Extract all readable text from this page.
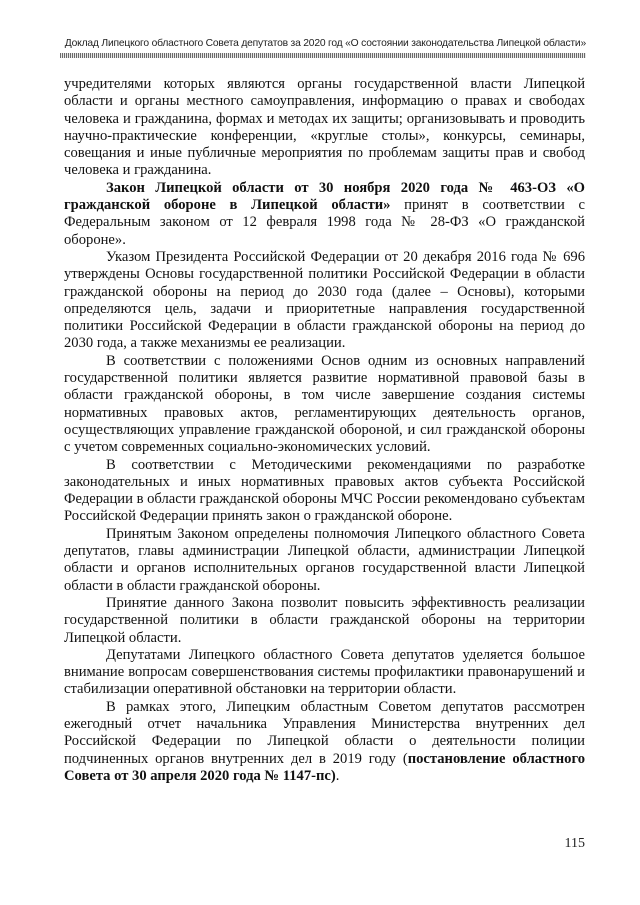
Доклад Липецкого областного Совета депутатов за 2020 год «О состоянии законодательства Липецкой области»

учредителями которых являются органы государственной власти Липецкой области и органы местного самоуправления, информацию о правах и свободах человека и гражданина, формах и методах их защиты; организовывать и проводить научно-практические конференции, «круглые столы», конкурсы, семинары, совещания и иные публичные мероприятия по проблемам защиты прав и свобод человека и гражданина.

Закон Липецкой области от 30 ноября 2020 года № 463-ОЗ «О гражданской обороне в Липецкой области» принят в соответствии с Федеральным законом от 12 февраля 1998 года № 28-ФЗ «О гражданской обороне».

Указом Президента Российской Федерации от 20 декабря 2016 года № 696 утверждены Основы государственной политики Российской Федерации в области гражданской обороны на период до 2030 года (далее – Основы), которыми определяются цель, задачи и приоритетные направления государственной политики Российской Федерации в области гражданской обороны на период до 2030 года, а также механизмы ее реализации.

В соответствии с положениями Основ одним из основных направлений государственной политики является развитие нормативной правовой базы в области гражданской обороны, в том числе завершение создания системы нормативных правовых актов, регламентирующих деятельность органов, осуществляющих управление гражданской обороной, и сил гражданской обороны с учетом современных социально-экономических условий.

В соответствии с Методическими рекомендациями по разработке законодательных и иных нормативных правовых актов субъекта Российской Федерации в области гражданской обороны МЧС России рекомендовано субъектам Российской Федерации принять закон о гражданской обороне.

Принятым Законом определены полномочия Липецкого областного Совета депутатов, главы администрации Липецкой области, администрации Липецкой области и органов исполнительных органов государственной власти Липецкой области в области гражданской обороны.

Принятие данного Закона позволит повысить эффективность реализации государственной политики в области гражданской обороны на территории Липецкой области.

Депутатами Липецкого областного Совета депутатов уделяется большое внимание вопросам совершенствования системы профилактики правонарушений и стабилизации оперативной обстановки на территории области.

В рамках этого, Липецким областным Советом депутатов рассмотрен ежегодный отчет начальника Управления Министерства внутренних дел Российской Федерации по Липецкой области о деятельности полиции подчиненных органов внутренних дел в 2019 году (постановление областного Совета от 30 апреля 2020 года № 1147-пс).

115
